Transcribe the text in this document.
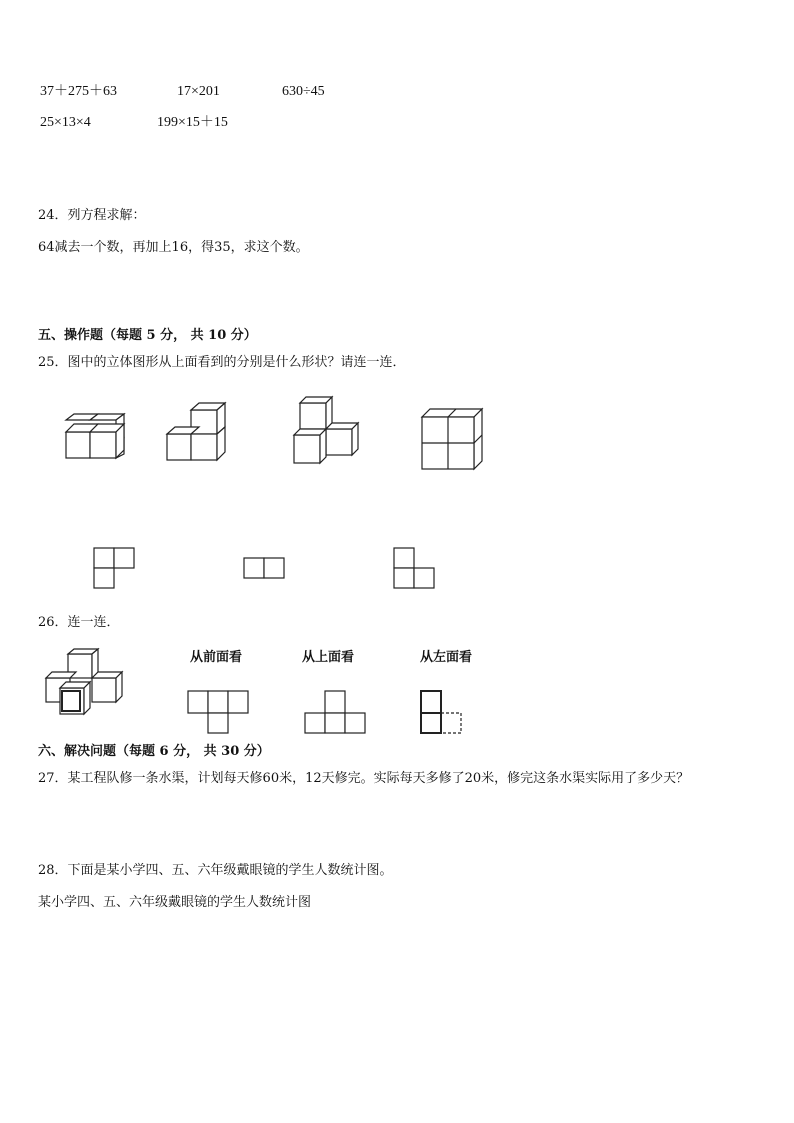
37＋275＋63	17×201	630÷45
25×13×4	199×15＋15
24．列方程求解：
64减去一个数，再加上16，得35，求这个数。
五、操作题（每题 5 分， 共 10 分）
25．图中的立体图形从上面看到的分别是什么形状？请连一连．
26．连一连．
从前面看	从上面看	从左面看
六、解决问题（每题 6 分， 共 30 分）
27．某工程队修一条水渠，计划每天修60米，12天修完。实际每天多修了20米，修完这条水渠实际用了多少天？
28．下面是某小学四、五、六年级戴眼镜的学生人数统计图。
某小学四、五、六年级戴眼镜的学生人数统计图
